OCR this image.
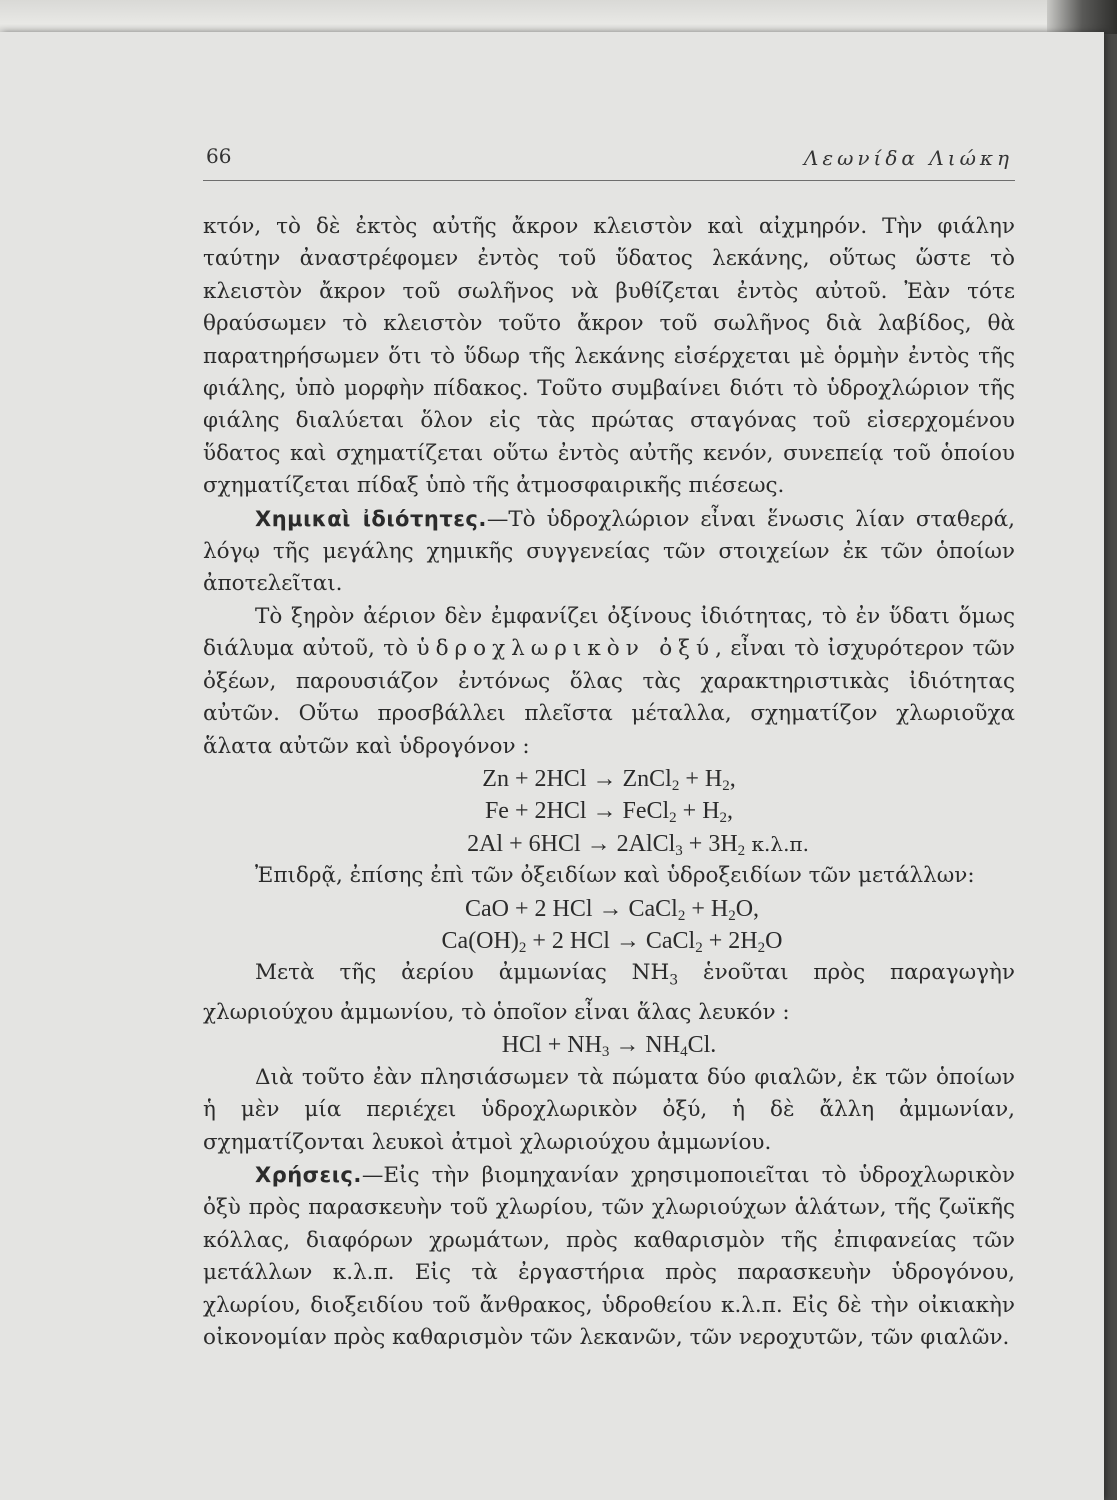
66	Λεωνίδα Λιώκη

κτόν, τὸ δὲ ἐκτὸς αὐτῆς ἄκρον κλειστὸν καὶ αἰχμηρόν. Τὴν φιάλην ταύτην ἀναστρέφομεν ἐντὸς τοῦ ὕδατος λεκάνης, οὕτως ὥστε τὸ κλειστὸν ἄκρον τοῦ σωλῆνος νὰ βυθίζεται ἐντὸς αὐτοῦ. Ἐὰν τότε θραύσωμεν τὸ κλειστὸν τοῦτο ἄκρον τοῦ σωλῆνος διὰ λαβίδος, θὰ παρατηρήσωμεν ὅτι τὸ ὕδωρ τῆς λεκάνης εἰσέρχεται μὲ ὁρμὴν ἐντὸς τῆς φιάλης, ὑπὸ μορφὴν πίδακος. Τοῦτο συμβαίνει διότι τὸ ὑδροχλώριον τῆς φιάλης διαλύεται ὅλον εἰς τὰς πρώτας σταγόνας τοῦ εἰσερχομένου ὕδατος καὶ σχηματίζεται οὕτω ἐντὸς αὐτῆς κενόν, συνεπείᾳ τοῦ ὁποίου σχηματίζεται πίδαξ ὑπὸ τῆς ἀτμοσφαιρικῆς πιέσεως.

Χημικαὶ ἰδιότητες.—Τὸ ὑδροχλώριον εἶναι ἕνωσις λίαν σταθερά, λόγῳ τῆς μεγάλης χημικῆς συγγενείας τῶν στοιχείων ἐκ τῶν ὁποίων ἀποτελεῖται.

Τὸ ξηρὸν ἀέριον δὲν ἐμφανίζει ὀξίνους ἰδιότητας, τὸ ἐν ὕδατι ὅμως διάλυμα αὐτοῦ, τὸ ὑδροχλωρικὸν ὀξύ, εἶναι τὸ ἰσχυρότερον τῶν ὀξέων, παρουσιάζον ἐντόνως ὅλας τὰς χαρακτηριστικὰς ἰδιότητας αὐτῶν. Οὕτω προσβάλλει πλεῖστα μέταλλα, σχηματίζον χλωριοῦχα ἅλατα αὐτῶν καὶ ὑδρογόνον :

Zn + 2HCl → ZnCl$_2$ + $H_2$,
Fe + 2HCl → FeCl$_2$ + $H_2$,
2Al + 6HCl → 2AlCl$_3$ + $3H_2$ κ.λ.π.

Ἐπιδρᾷ, ἐπίσης ἐπὶ τῶν ὀξειδίων καὶ ὑδροξειδίων τῶν μετάλλων:

CaO + 2 HCl → CaCl$_2$ + $H_2O$,
$Ca(OH)_2 + 2$ HCl → CaCl$_2$ + $2H_2O$

Μετὰ τῆς ἀερίου ἀμμωνίας $NH_3$ ἑνοῦται πρὸς παραγωγὴν χλωριούχου ἀμμωνίου, τὸ ὁποῖον εἶναι ἅλας λευκόν :

HCl + $NH_3 \to NH_4Cl$.

Διὰ τοῦτο ἐὰν πλησιάσωμεν τὰ πώματα δύο φιαλῶν, ἐκ τῶν ὁποίων ἡ μὲν μία περιέχει ὑδροχλωρικὸν ὀξύ, ἡ δὲ ἄλλη ἀμμωνίαν, σχηματίζονται λευκοὶ ἀτμοὶ χλωριούχου ἀμμωνίου.

Χρήσεις.—Εἰς τὴν βιομηχανίαν χρησιμοποιεῖται τὸ ὑδροχλωρικὸν ὀξὺ πρὸς παρασκευὴν τοῦ χλωρίου, τῶν χλωριούχων ἁλάτων, τῆς ζωϊκῆς κόλλας, διαφόρων χρωμάτων, πρὸς καθαρισμὸν τῆς ἐπιφανείας τῶν μετάλλων κ.λ.π. Εἰς τὰ ἐργαστήρια πρὸς παρασκευὴν ὑδρογόνου, χλωρίου, διοξειδίου τοῦ ἄνθρακος, ὑδροθείου κ.λ.π. Εἰς δὲ τὴν οἰκιακὴν οἰκονομίαν πρὸς καθαρισμὸν τῶν λεκανῶν, τῶν νεροχυτῶν, τῶν φιαλῶν.
